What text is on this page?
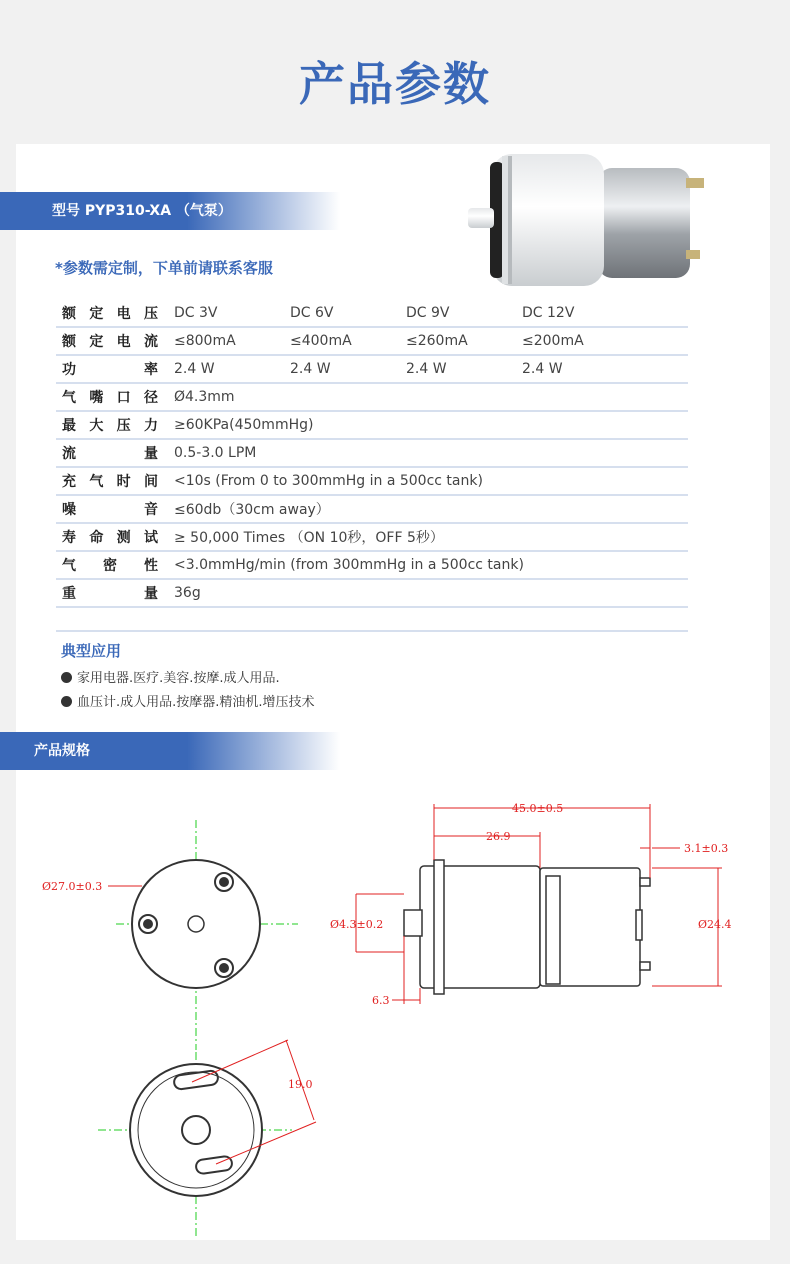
产品参数
型号 PYP310-XA （气泵）
*参数需定制，下单前请联系客服
额定电压	DC 3V	DC 6V	DC 9V	DC 12V
额定电流	≤800mA	≤400mA	≤260mA	≤200mA
功率	2.4 W	2.4 W	2.4 W	2.4 W
气嘴口径	Ø4.3mm			
最大压力	≥60KPa(450mmHg)			
流量	0.5-3.0 LPM			
充气时间	<10s (From 0 to 300mmHg in a 500cc tank)			
噪音	≤60db（30cm away）			
寿命测试	≥ 50,000 Times （ON 10秒，OFF 5秒）			
气密性	<3.0mmHg/min (from 300mmHg in a 500cc tank)			
重量	36g			

典型应用
家用电器.医疗.美容.按摩.成人用品.
血压计.成人用品.按摩器.精油机.增压技术
产品规格
Ø27.0±0.3
19.0
45.0±0.5
26.9
3.1±0.3
Ø4.3±0.2
6.3
Ø24.4
